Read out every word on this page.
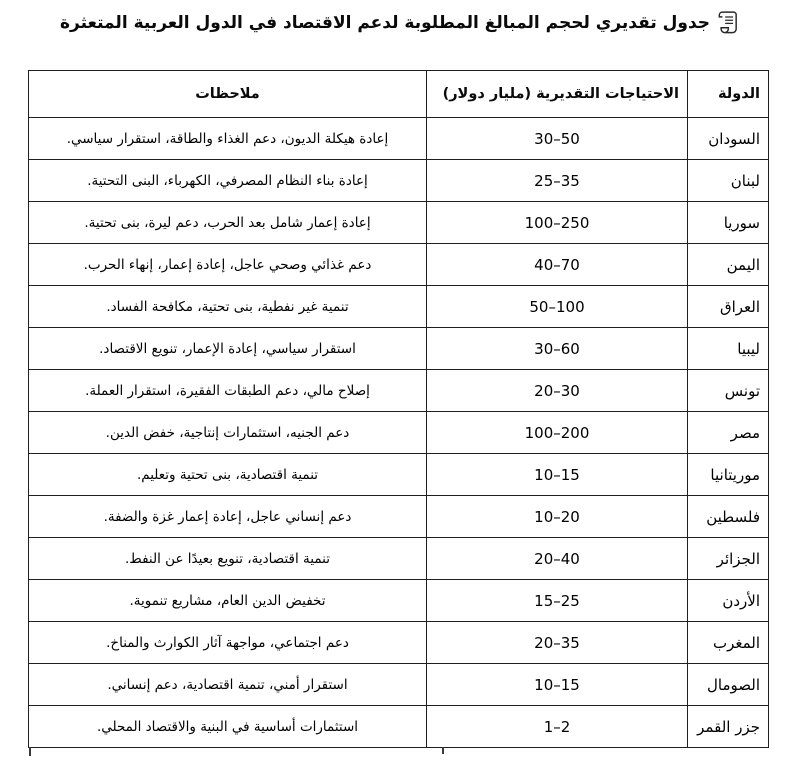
جدول تقديري لحجم المبالغ المطلوبة لدعم الاقتصاد في الدول العربية المتعثرة
الدولة	الاحتياجات التقديرية (مليار دولار)	ملاحظات
السودان	30–50	إعادة هيكلة الديون، دعم الغذاء والطاقة، استقرار سياسي.
لبنان	25–35	إعادة بناء النظام المصرفي، الكهرباء، البنى التحتية.
سوريا	100–250	إعادة إعمار شامل بعد الحرب، دعم ليرة، بنى تحتية.
اليمن	40–70	دعم غذائي وصحي عاجل، إعادة إعمار، إنهاء الحرب.
العراق	50–100	تنمية غير نفطية، بنى تحتية، مكافحة الفساد.
ليبيا	30–60	استقرار سياسي، إعادة الإعمار، تنويع الاقتصاد.
تونس	20–30	إصلاح مالي، دعم الطبقات الفقيرة، استقرار العملة.
مصر	100–200	دعم الجنيه، استثمارات إنتاجية، خفض الدين.
موريتانيا	10–15	تنمية اقتصادية، بنى تحتية وتعليم.
فلسطين	10–20	دعم إنساني عاجل، إعادة إعمار غزة والضفة.
الجزائر	20–40	تنمية اقتصادية، تنويع بعيدًا عن النفط.
الأردن	15–25	تخفيض الدين العام، مشاريع تنموية.
المغرب	20–35	دعم اجتماعي، مواجهة آثار الكوارث والمناخ.
الصومال	10–15	استقرار أمني، تنمية اقتصادية، دعم إنساني.
جزر القمر	1–2	استثمارات أساسية في البنية والاقتصاد المحلي.
